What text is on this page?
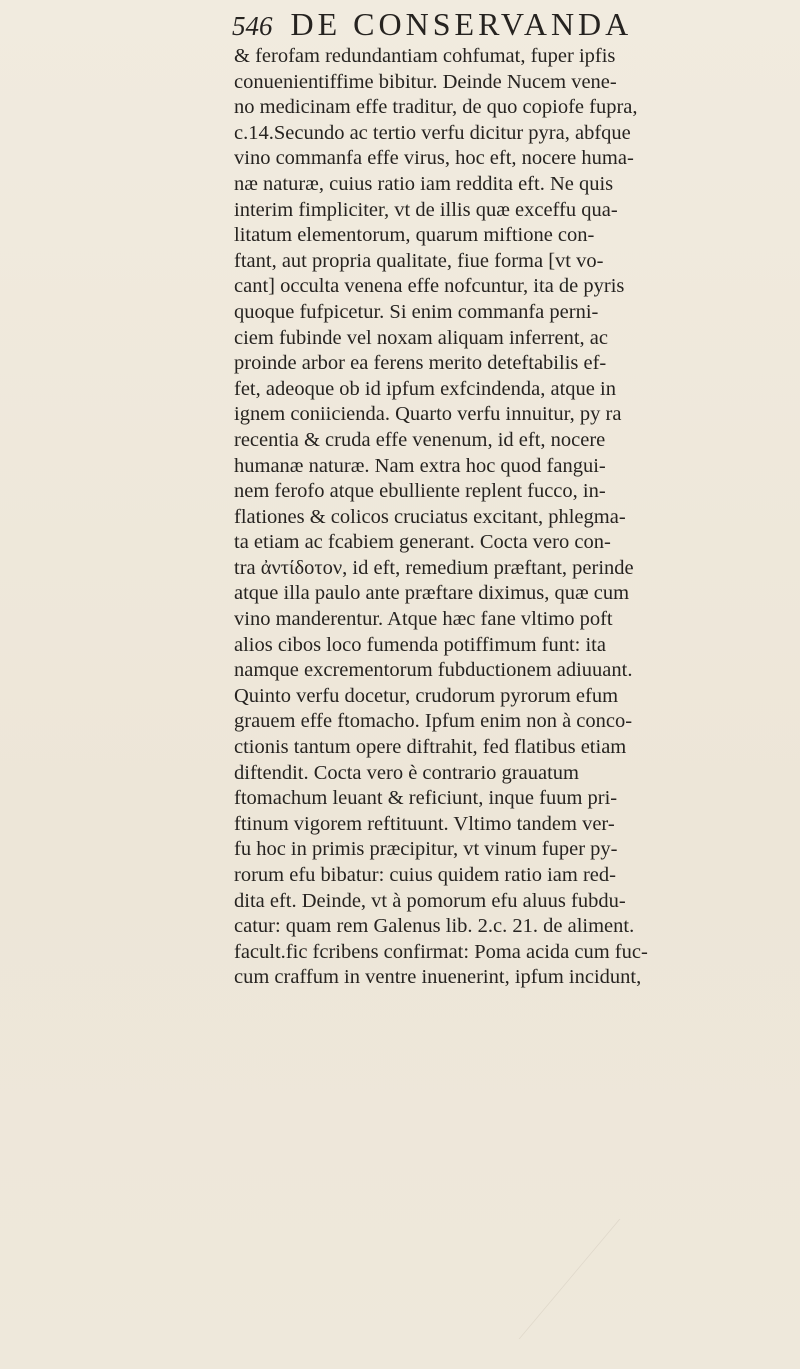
546 DE CONSERVANDA
& ferofam redundantiam cohfumat, fuper ipfis
conuenientiffime bibitur. Deinde Nucem vene-
no medicinam effe traditur, de quo copiofe fupra,
c.14.Secundo ac tertio verfu dicitur pyra, abfque
vino commanfa effe virus, hoc eft, nocere huma-
næ naturæ, cuius ratio iam reddita eft. Ne quis
interim fimpliciter, vt de illis quæ exceffu qua-
litatum elementorum, quarum miftione con-
ftant, aut propria qualitate, fiue forma [vt vo-
cant] occulta venena effe nofcuntur, ita de pyris
quoque fufpicetur. Si enim commanfa perni-
ciem fubinde vel noxam aliquam inferrent, ac
proinde arbor ea ferens merito deteftabilis ef-
fet, adeoque ob id ipfum exfcindenda, atque in
ignem coniicienda. Quarto verfu innuitur, py ra
recentia & cruda effe venenum, id eft, nocere
humanæ naturæ. Nam extra hoc quod fangui-
nem ferofo atque ebulliente replent fucco, in-
flationes & colicos cruciatus excitant, phlegma-
ta etiam ac fcabiem generant. Cocta vero con-
tra ἀντίδοτον, id eft, remedium præftant, perinde
atque illa paulo ante præftare diximus, quæ cum
vino manderentur. Atque hæc fane vltimo poft
alios cibos loco fumenda potiffimum funt: ita
namque excrementorum fubductionem adiuuant.
Quinto verfu docetur, crudorum pyrorum efum
grauem effe ftomacho. Ipfum enim non à conco-
ctionis tantum opere diftrahit, fed flatibus etiam
diftendit. Cocta vero è contrario grauatum
ftomachum leuant & reficiunt, inque fuum pri-
ftinum vigorem reftituunt. Vltimo tandem ver-
fu hoc in primis præcipitur, vt vinum fuper py-
rorum efu bibatur: cuius quidem ratio iam red-
dita eft. Deinde, vt à pomorum efu aluus fubdu-
catur: quam rem Galenus lib. 2.c. 21. de aliment.
facult.fic fcribens confirmat: Poma acida cum fuc-
cum craffum in ventre inuenerint, ipfum incidunt,
